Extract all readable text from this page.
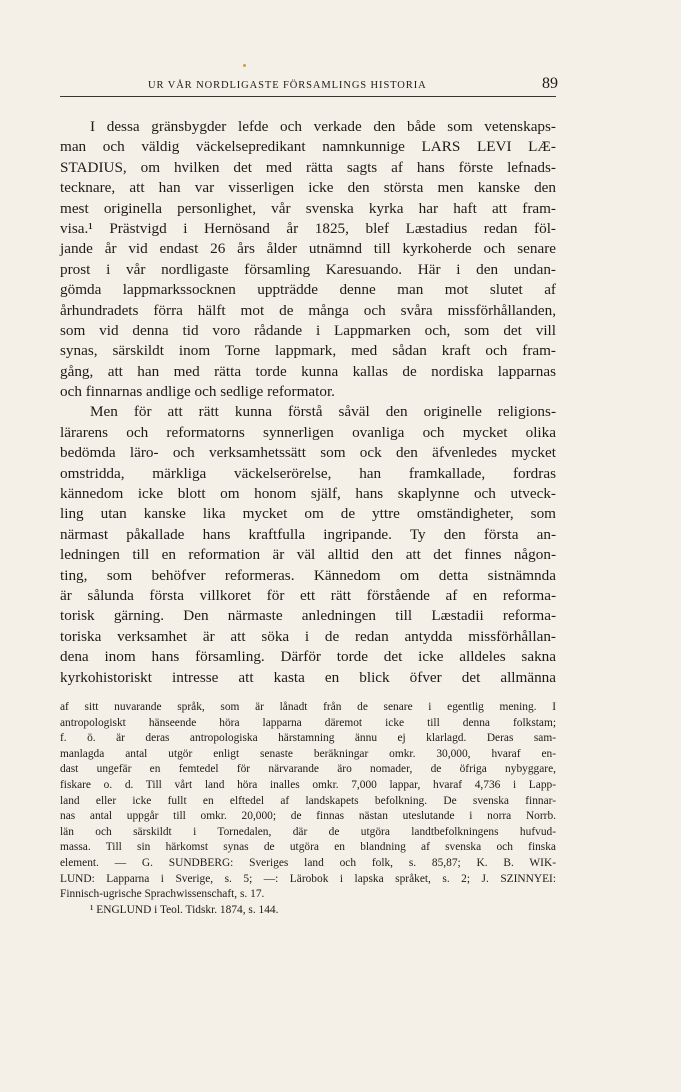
UR VÅR NORDLIGASTE FÖRSAMLINGS HISTORIA	89
I dessa gränsbygder lefde och verkade den både som vetenskaps-
man och väldig väckelsepredikant namnkunnige LARS LEVI LÆ-
STADIUS, om hvilken det med rätta sagts af hans förste lefnads-
tecknare, att han var visserligen icke den största men kanske den
mest originella personlighet, vår svenska kyrka har haft att fram-
visa.¹ Prästvigd i Hernösand år 1825, blef Læstadius redan föl-
jande år vid endast 26 års ålder utnämnd till kyrkoherde och senare
prost i vår nordligaste församling Karesuando. Här i den undan-
gömda lappmarkssocknen uppträdde denne man mot slutet af
århundradets förra hälft mot de många och svåra missförhållanden,
som vid denna tid voro rådande i Lappmarken och, som det vill
synas, särskildt inom Torne lappmark, med sådan kraft och fram-
gång, att han med rätta torde kunna kallas de nordiska lapparnas
och finnarnas andlige och sedlige reformator.
Men för att rätt kunna förstå såväl den originelle religions-
lärarens och reformatorns synnerligen ovanliga och mycket olika
bedömda läro- och verksamhetssätt som ock den äfvenledes mycket
omstridda, märkliga väckelserörelse, han framkallade, fordras
kännedom icke blott om honom själf, hans skaplynne och utveck-
ling utan kanske lika mycket om de yttre omständigheter, som
närmast påkallade hans kraftfulla ingripande. Ty den första an-
ledningen till en reformation är väl alltid den att det finnes någon-
ting, som behöfver reformeras. Kännedom om detta sistnämnda
är sålunda första villkoret för ett rätt förstående af en reforma-
torisk gärning. Den närmaste anledningen till Læstadii reforma-
toriska verksamhet är att söka i de redan antydda missförhållan-
dena inom hans församling. Därför torde det icke alldeles sakna
kyrkohistoriskt intresse att kasta en blick öfver det allmänna
af sitt nuvarande språk, som är lånadt från de senare i egentlig mening. I
antropologiskt hänseende höra lapparna däremot icke till denna folkstam;
f. ö. är deras antropologiska härstamning ännu ej klarlagd. Deras sam-
manlagda antal utgör enligt senaste beräkningar omkr. 30,000, hvaraf en-
dast ungefär en femtedel för närvarande äro nomader, de öfriga nybyggare,
fiskare o. d. Till vårt land höra inalles omkr. 7,000 lappar, hvaraf 4,736 i Lapp-
land eller icke fullt en elftedel af landskapets befolkning. De svenska finnar-
nas antal uppgår till omkr. 20,000; de finnas nästan uteslutande i norra Norrb.
län och särskildt i Tornedalen, där de utgöra landtbefolkningens hufvud-
massa. Till sin härkomst synas de utgöra en blandning af svenska och finska
element. — G. SUNDBERG: Sveriges land och folk, s. 85,87; K. B. WIK-
LUND: Lapparna i Sverige, s. 5; —: Lärobok i lapska språket, s. 2; J. SZINNYEI:
Finnisch-ugrische Sprachwissenschaft, s. 17.
¹ ENGLUND i Teol. Tidskr. 1874, s. 144.
